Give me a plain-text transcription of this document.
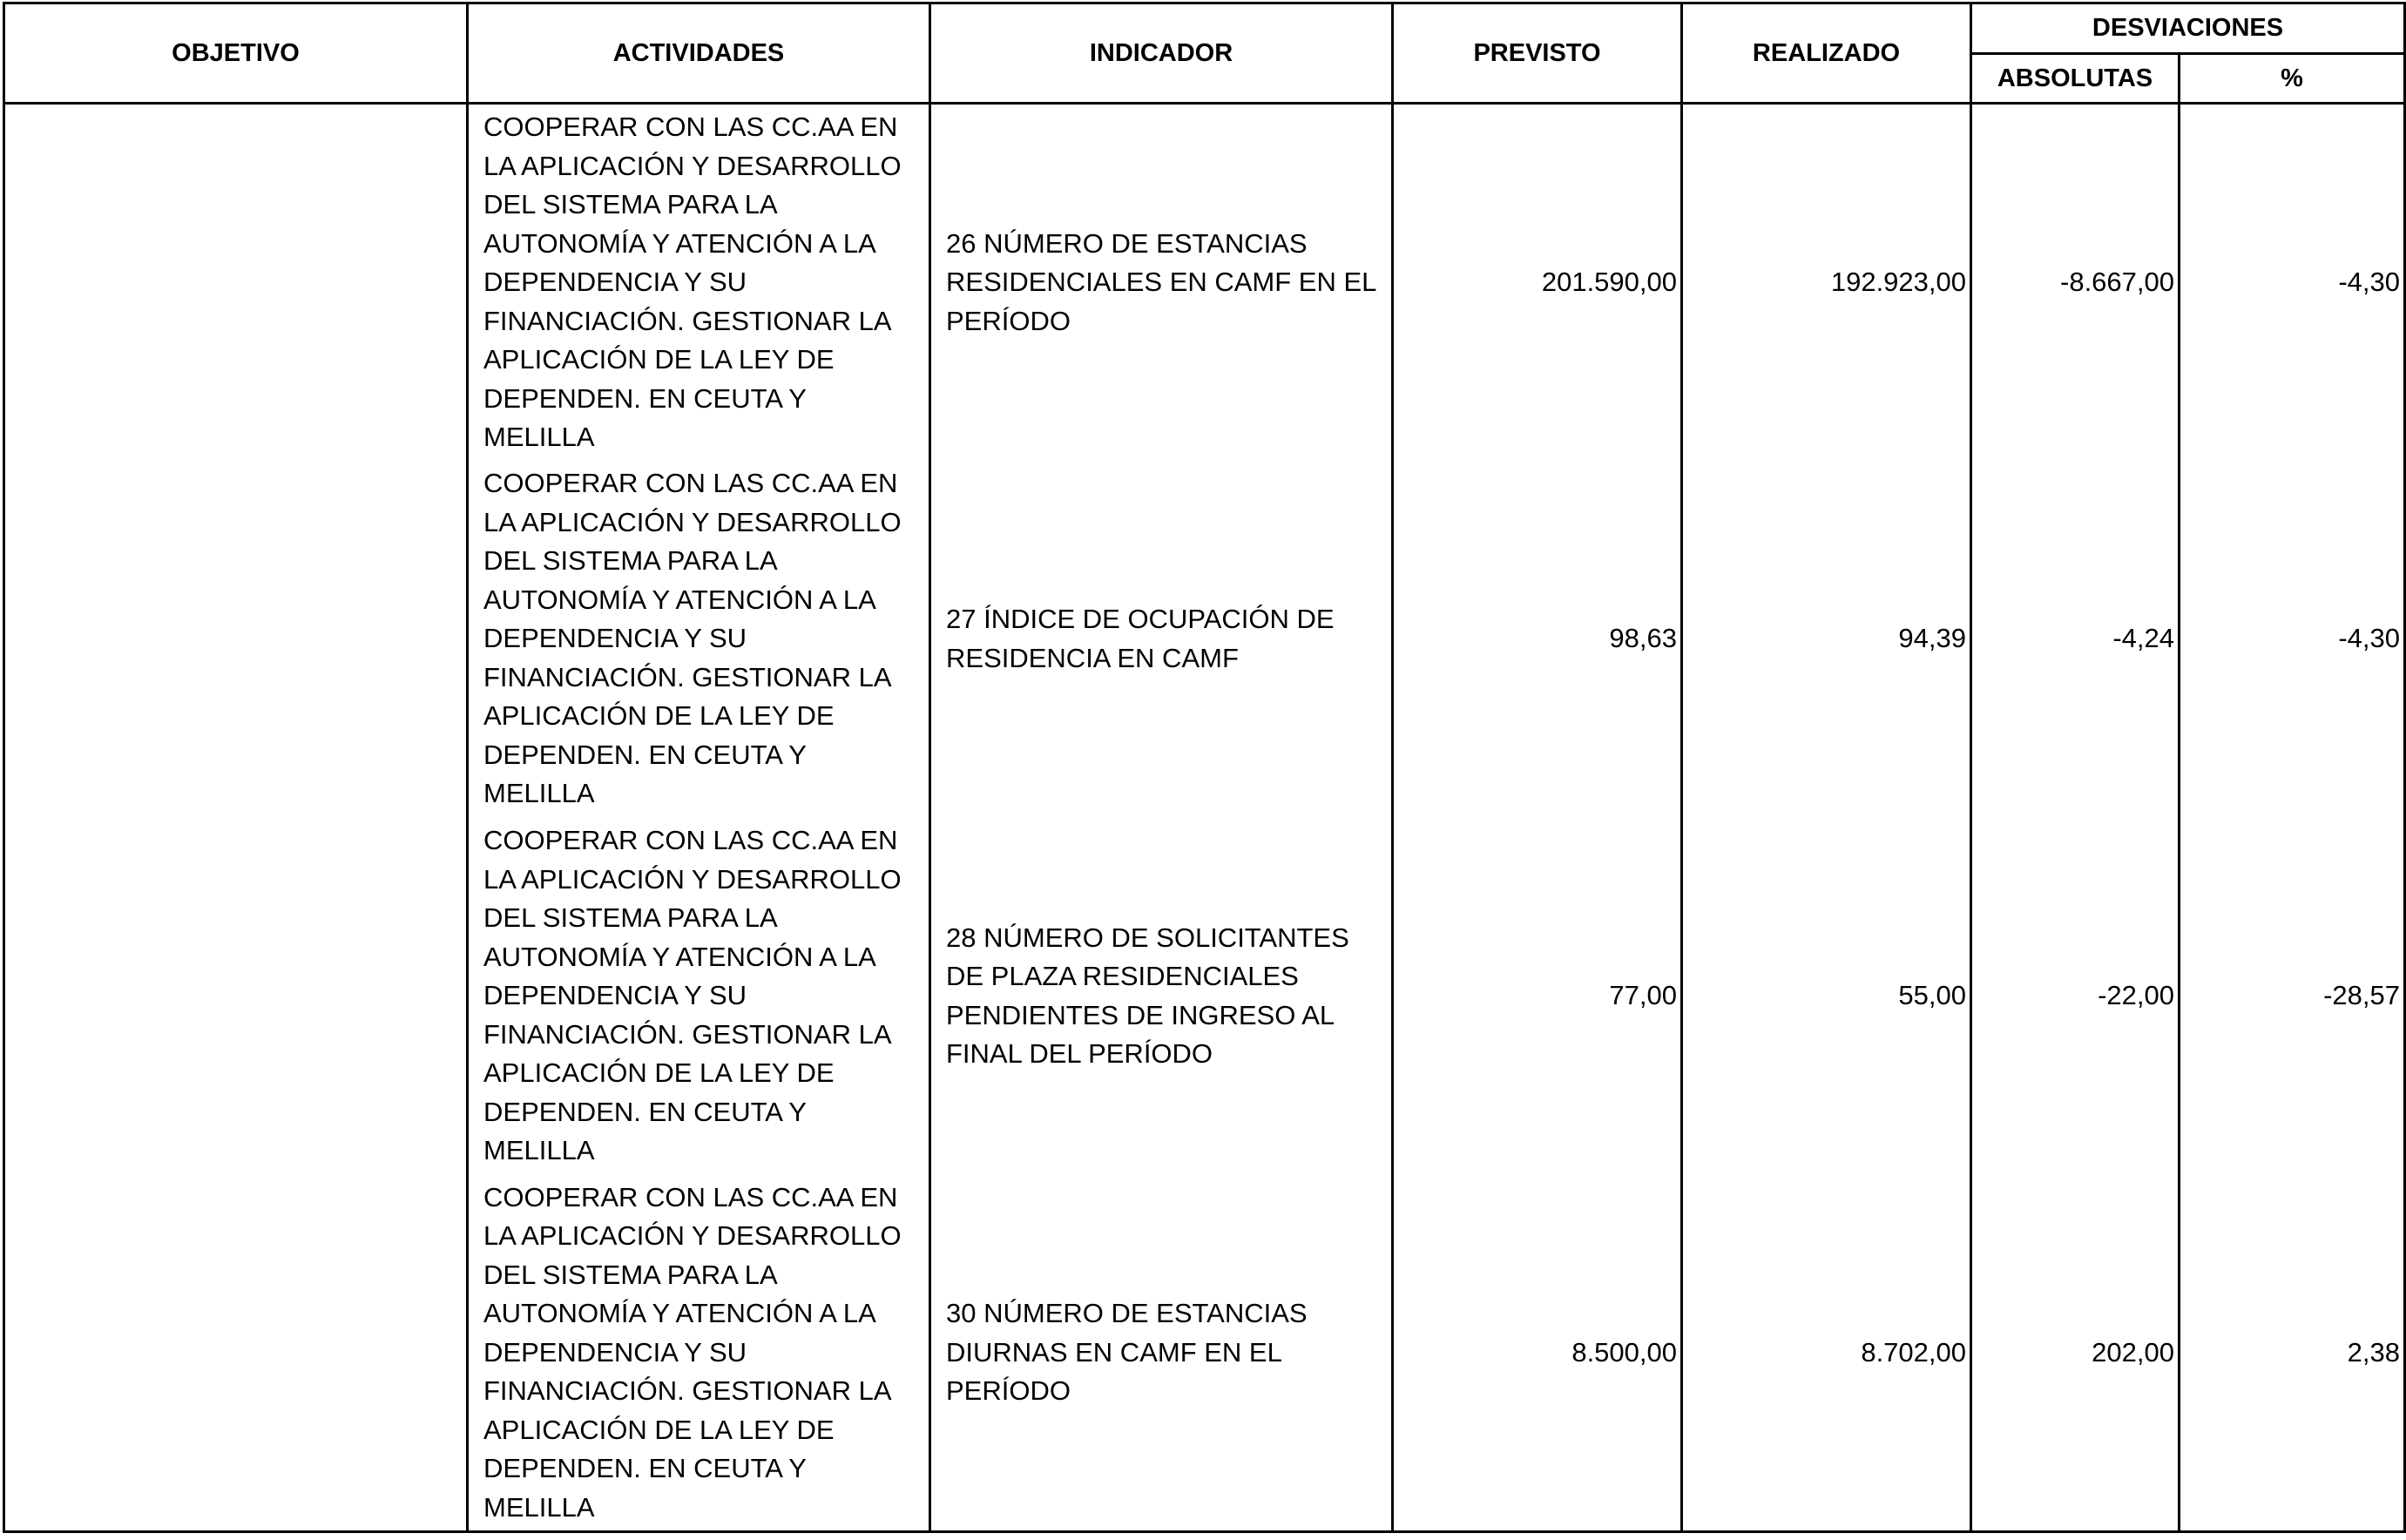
OBJETIVO	ACTIVIDADES	INDICADOR	PREVISTO	REALIZADO	DESVIACIONES	
					ABSOLUTAS	%
	COOPERAR CON LAS CC.AA EN LA APLICACIÓN Y DESARROLLO DEL SISTEMA PARA LA AUTONOMÍA Y ATENCIÓN A LA DEPENDENCIA Y SU FINANCIACIÓN. GESTIONAR LA APLICACIÓN DE LA LEY DE DEPENDEN. EN CEUTA Y MELILLA	26 NÚMERO DE ESTANCIAS RESIDENCIALES EN CAMF EN EL PERÍODO	201.590,00	192.923,00	-8.667,00	-4,30
	COOPERAR CON LAS CC.AA EN LA APLICACIÓN Y DESARROLLO DEL SISTEMA PARA LA AUTONOMÍA Y ATENCIÓN A LA DEPENDENCIA Y SU FINANCIACIÓN. GESTIONAR LA APLICACIÓN DE LA LEY DE DEPENDEN. EN CEUTA Y MELILLA	27 ÍNDICE DE OCUPACIÓN DE RESIDENCIA EN CAMF	98,63	94,39	-4,24	-4,30
	COOPERAR CON LAS CC.AA EN LA APLICACIÓN Y DESARROLLO DEL SISTEMA PARA LA AUTONOMÍA Y ATENCIÓN A LA DEPENDENCIA Y SU FINANCIACIÓN. GESTIONAR LA APLICACIÓN DE LA LEY DE DEPENDEN. EN CEUTA Y MELILLA	28 NÚMERO DE SOLICITANTES DE PLAZA RESIDENCIALES PENDIENTES DE INGRESO AL FINAL DEL PERÍODO	77,00	55,00	-22,00	-28,57
	COOPERAR CON LAS CC.AA EN LA APLICACIÓN Y DESARROLLO DEL SISTEMA PARA LA AUTONOMÍA Y ATENCIÓN A LA DEPENDENCIA Y SU FINANCIACIÓN. GESTIONAR LA APLICACIÓN DE LA LEY DE DEPENDEN. EN CEUTA Y MELILLA	30 NÚMERO DE ESTANCIAS DIURNAS EN CAMF EN EL PERÍODO	8.500,00	8.702,00	202,00	2,38
